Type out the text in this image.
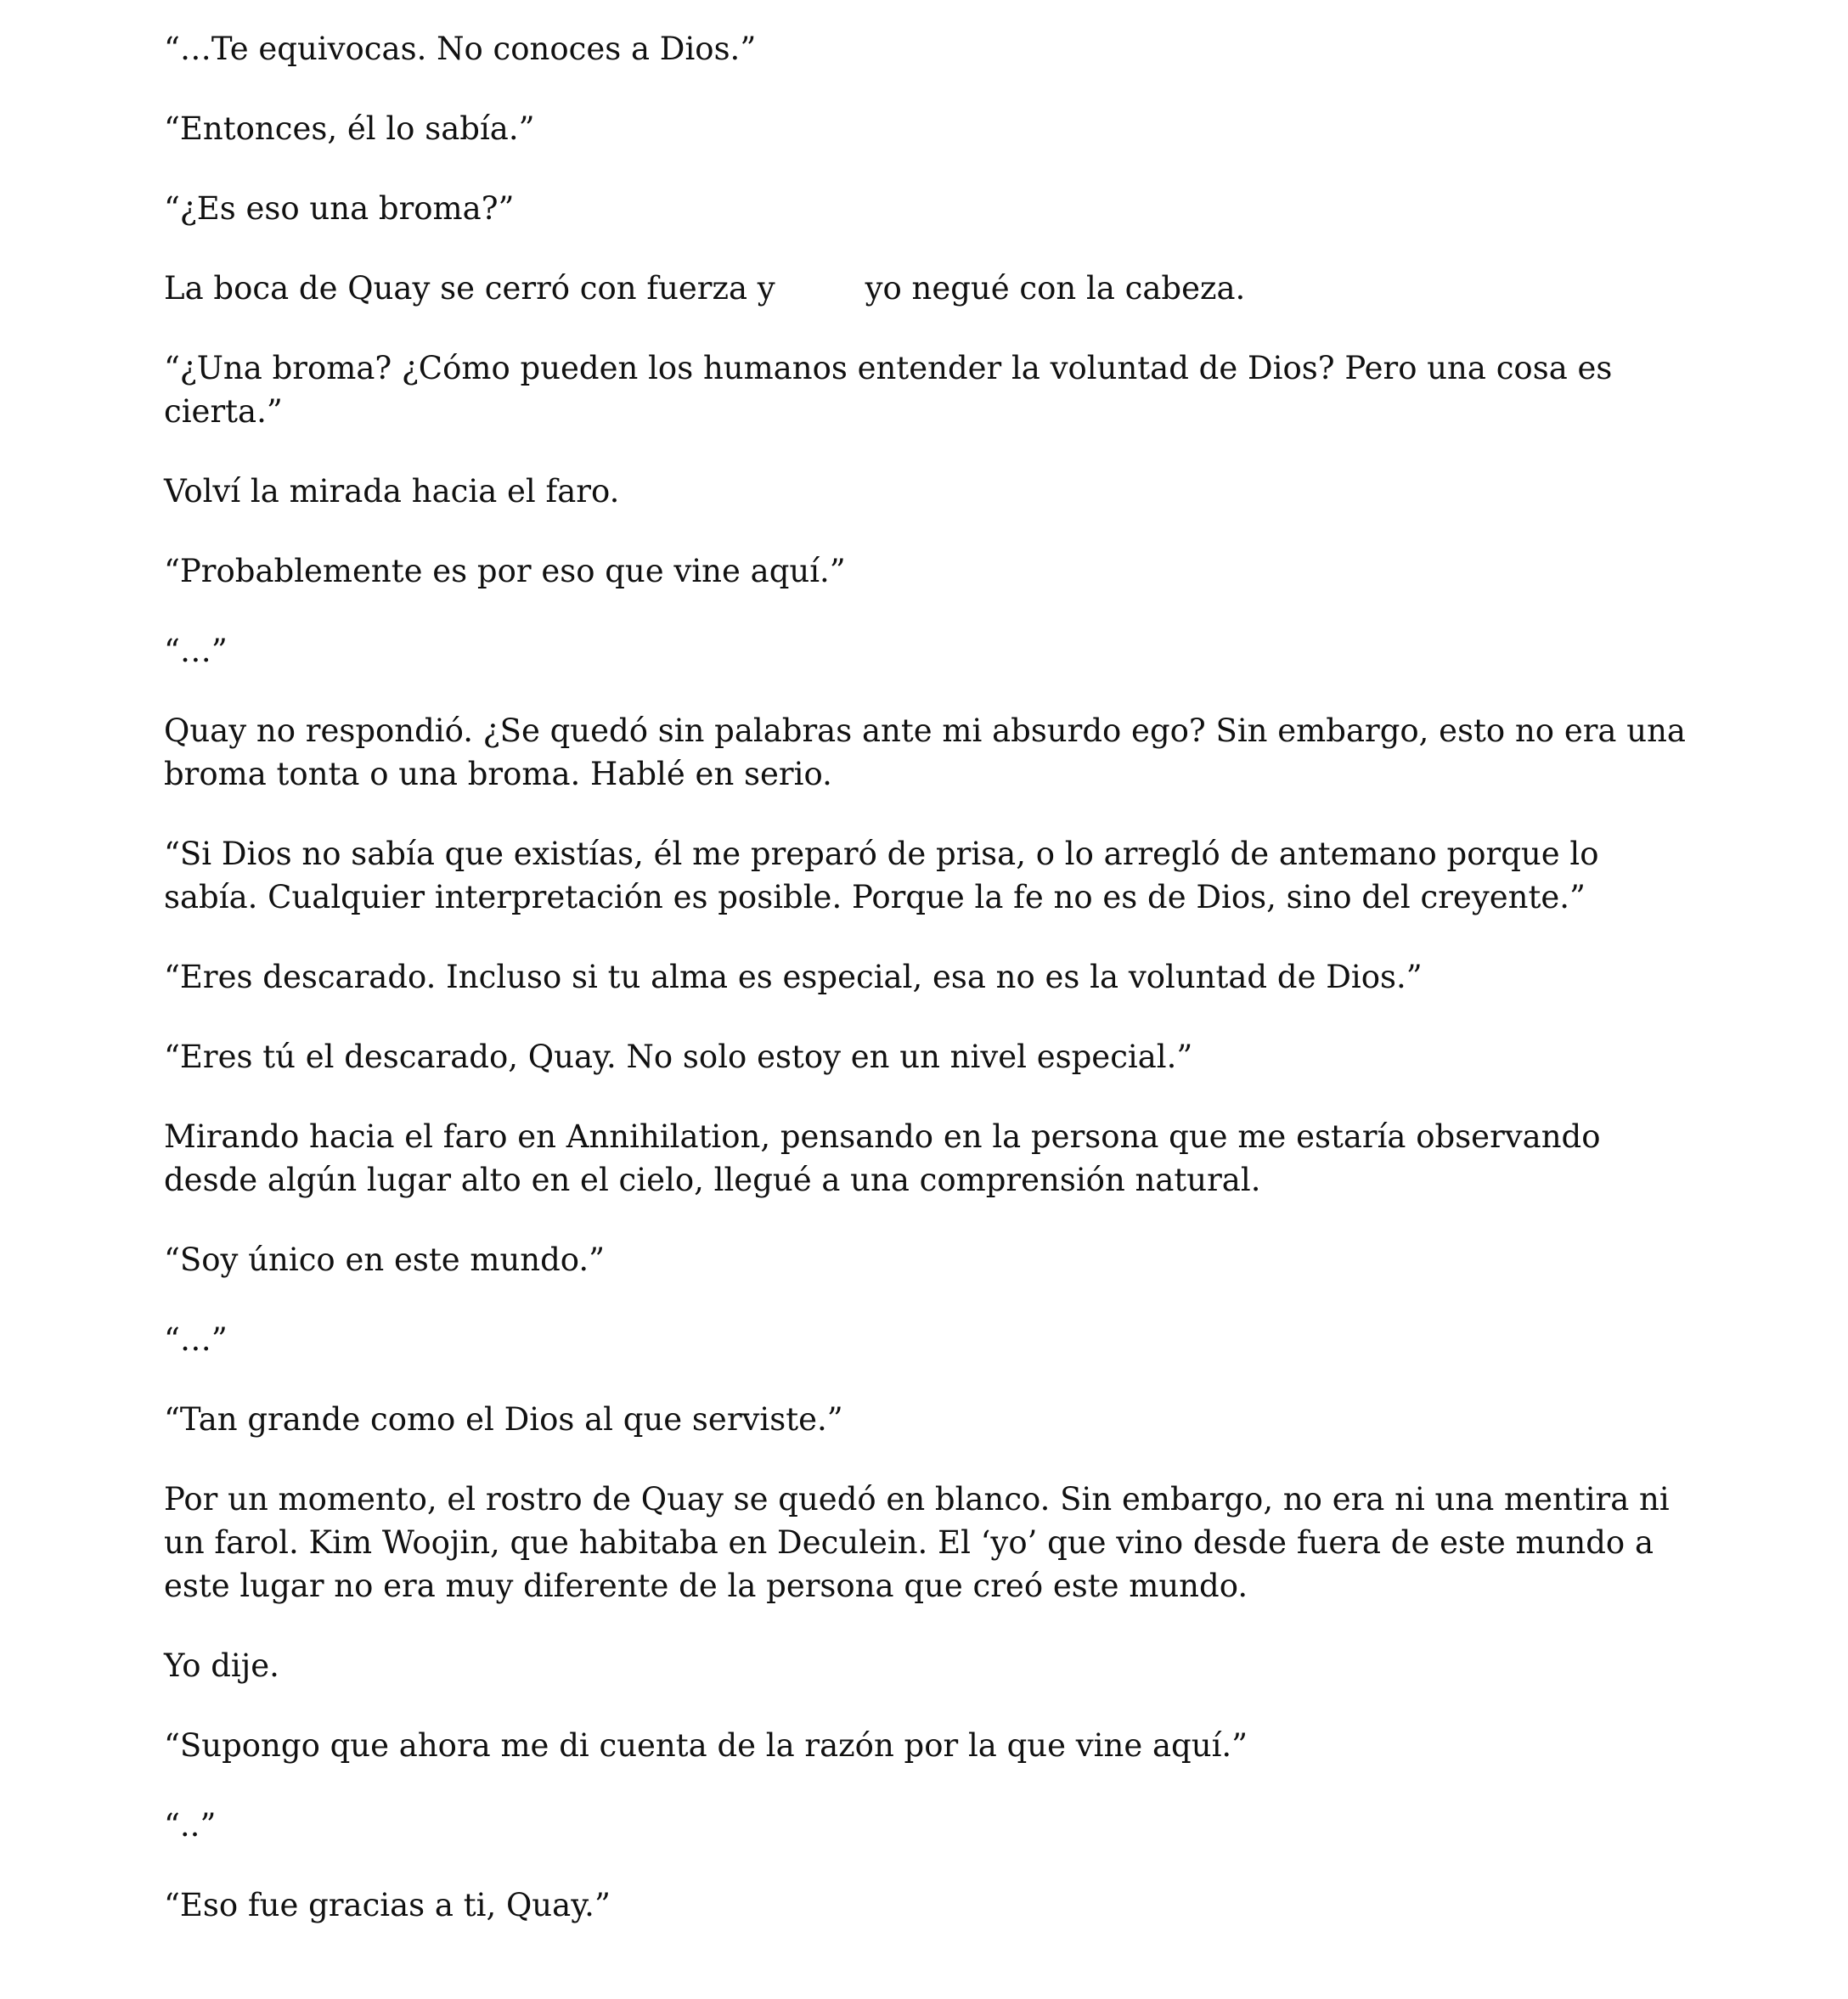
“…Te equivocas. No conoces a Dios.”

“Entonces, él lo sabía.”

“¿Es eso una broma?”

La boca de Quay se cerró con fuerza y         yo negué con la cabeza.

“¿Una broma? ¿Cómo pueden los humanos entender la voluntad de Dios? Pero una cosa es cierta.”

Volví la mirada hacia el faro.

“Probablemente es por eso que vine aquí.”

“…”

Quay no respondió. ¿Se quedó sin palabras ante mi absurdo ego? Sin embargo, esto no era una broma tonta o una broma. Hablé en serio.

“Si Dios no sabía que existías, él me preparó de prisa, o lo arregló de antemano porque lo sabía. Cualquier interpretación es posible. Porque la fe no es de Dios, sino del creyente.”

“Eres descarado. Incluso si tu alma es especial, esa no es la voluntad de Dios.”

“Eres tú el descarado, Quay. No solo estoy en un nivel especial.”

Mirando hacia el faro en Annihilation, pensando en la persona que me estaría observando desde algún lugar alto en el cielo, llegué a una comprensión natural.

“Soy único en este mundo.”

“…”

“Tan grande como el Dios al que serviste.”

Por un momento, el rostro de Quay se quedó en blanco. Sin embargo, no era ni una mentira ni un farol. Kim Woojin, que habitaba en Deculein. El ‘yo’ que vino desde fuera de este mundo a este lugar no era muy diferente de la persona que creó este mundo.

Yo dije.

“Supongo que ahora me di cuenta de la razón por la que vine aquí.”

“..”

“Eso fue gracias a ti, Quay.”
